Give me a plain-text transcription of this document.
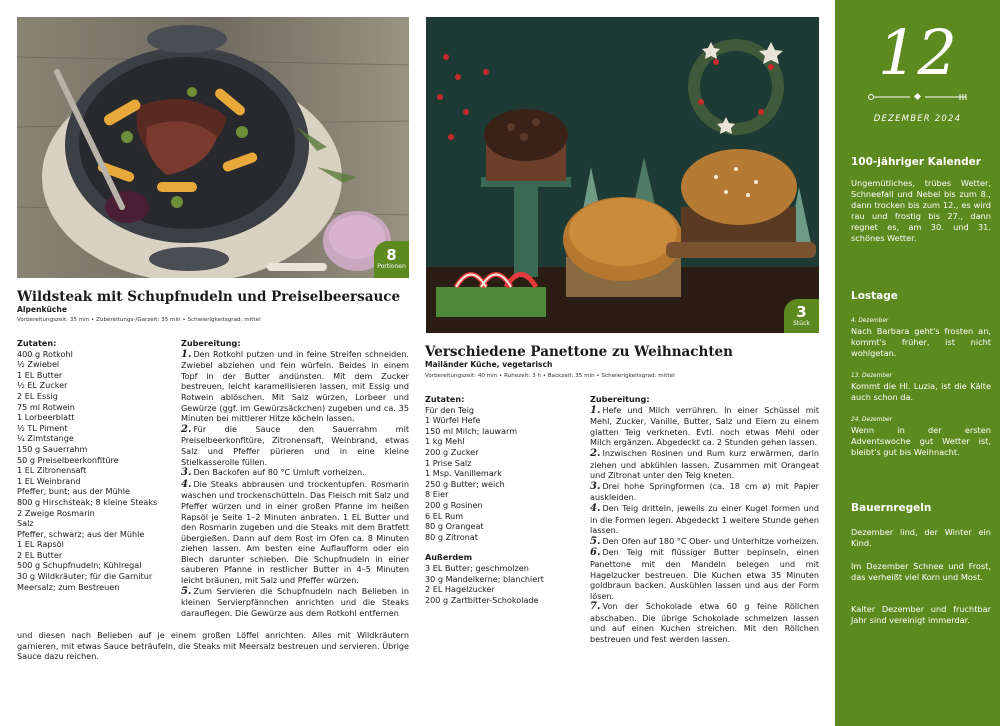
8
Portionen
3
Stück
Wildsteak mit Schupfnudeln und Preiselbeersauce
Alpenküche
Vorbereitungszeit: 35 min • Zubereitungs-/Garzeit: 35 min • Schwierigkeitsgrad: mittel
Zutaten:
400 g Rotkohl
½ Zwiebel
1 EL Butter
½ EL Zucker
2 EL Essig
75 ml Rotwein
1 Lorbeerblatt
½ TL Piment
¼ Zimtstange
150 g Sauerrahm
50 g Preiselbeerkonfitüre
1 EL Zitronensaft
1 EL Weinbrand
Pfeffer, bunt; aus der Mühle
800 g Hirschsteak; 8 kleine Steaks
2 Zweige Rosmarin
Salz
Pfeffer, schwarz; aus der Mühle
1 EL Rapsöl
2 EL Butter
500 g Schupfnudeln; Kühlregal
30 g Wildkräuter; für die Garnitur
Meersalz; zum Bestreuen
Zubereitung:
1. Den Rotkohl putzen und in feine Streifen schneiden. Zwiebel abziehen und fein würfeln. Beides in einem Topf in der Butter andünsten. Mit dem Zucker bestreuen, leicht karamellisieren lassen, mit Essig und Rotwein ablöschen. Mit Salz würzen, Lorbeer und Gewürze (ggf. im Gewürzsäckchen) zugeben und ca. 35 Minuten bei mittlerer Hitze köcheln lassen.
2. Für die Sauce den Sauerrahm mit Preiselbeerkonfitüre, Zitronensaft, Weinbrand, etwas Salz und Pfeffer pürieren und in eine kleine Stielkasserolle füllen.
3. Den Backofen auf 80 °C Umluft vorheizen.
4. Die Steaks abbrausen und trockentupfen. Rosmarin waschen und trockenschütteln. Das Fleisch mit Salz und Pfeffer würzen und in einer großen Pfanne im heißen Rapsöl je Seite 1–2 Minuten anbraten. 1 EL Butter und den Rosmarin zugeben und die Steaks mit dem Bratfett übergießen. Dann auf dem Rost im Ofen ca. 8 Minuten ziehen lassen. Am besten eine Auflaufform oder ein Blech darunter schieben. Die Schupfnudeln in einer sauberen Pfanne in restlicher Butter in 4–5 Minuten leicht bräunen, mit Salz und Pfeffer würzen.
5. Zum Servieren die Schupfnudeln nach Belieben in kleinen Servierpfännchen anrichten und die Steaks darauflegen. Die Gewürze aus dem Rotkohl entfernen
und diesen nach Belieben auf je einem großen Löffel anrichten. Alles mit Wildkräutern garnieren, mit etwas Sauce beträufeln, die Steaks mit Meersalz bestreuen und servieren. Übrige Sauce dazu reichen.
Verschiedene Panettone zu Weihnachten
Mailänder Küche, vegetarisch
Vorbereitungszeit: 40 min • Ruhezeit: 3 h • Backzeit: 35 min • Schwierigkeitsgrad: mittel
Zutaten:
Für den Teig
1 Würfel Hefe
150 ml Milch; lauwarm
1 kg Mehl
200 g Zucker
1 Prise Salz
1 Msp. Vanillemark
250 g Butter; weich
8 Eier
200 g Rosinen
6 EL Rum
80 g Orangeat
80 g Zitronat
Außerdem
3 EL Butter; geschmolzen
30 g Mandelkerne; blanchiert
2 EL Hagelzucker
200 g Zartbitter-Schokolade
Zubereitung:
1. Hefe und Milch verrühren. In einer Schüssel mit Mehl, Zucker, Vanille, Butter, Salz und Eiern zu einem glatten Teig verkneten. Evtl. noch etwas Mehl oder Milch ergänzen. Abgedeckt ca. 2 Stunden gehen lassen.
2. Inzwischen Rosinen und Rum kurz erwärmen, darin ziehen und abkühlen lassen. Zusammen mit Orangeat und Zitronat unter den Teig kneten.
3. Drei hohe Springformen (ca. 18 cm ø) mit Papier auskleiden.
4. Den Teig dritteln, jeweils zu einer Kugel formen und in die Formen legen. Abgedeckt 1 weitere Stunde gehen lassen.
5. Den Ofen auf 180 °C Ober- und Unterhitze vorheizen.
6. Den Teig mit flüssiger Butter bepinseln, einen Panettone mit den Mandeln belegen und mit Hagelzucker bestreuen. Die Kuchen etwa 35 Minuten goldbraun backen. Auskühlen lassen und aus der Form lösen.
7. Von der Schokolade etwa 60 g feine Röllchen abschaben. Die übrige Schokolade schmelzen lassen und auf einen Kuchen streichen. Mit den Röllchen bestreuen und fest werden lassen.
12
DEZEMBER 2024
100-jähriger Kalender
Ungemütliches, trübes Wetter, Schneefall und Nebel bis zum 8., dann trocken bis zum 12., es wird rau und frostig bis 27., dann regnet es, am 30. und 31. schönes Wetter.
Lostage
4. Dezember
Nach Barbara geht's frosten an, kommt's früher, ist nicht wohlgetan.
13. Dezember
Kommt die Hl. Luzia, ist die Kälte auch schon da.
24. Dezember
Wenn in der ersten Adventswoche gut Wetter ist, bleibt's gut bis Weihnacht.
Bauernregeln
Dezember lind, der Winter ein Kind.
Im Dezember Schnee und Frost, das verheißt viel Korn und Most.
Kalter Dezember und fruchtbar Jahr sind vereinigt immerdar.
